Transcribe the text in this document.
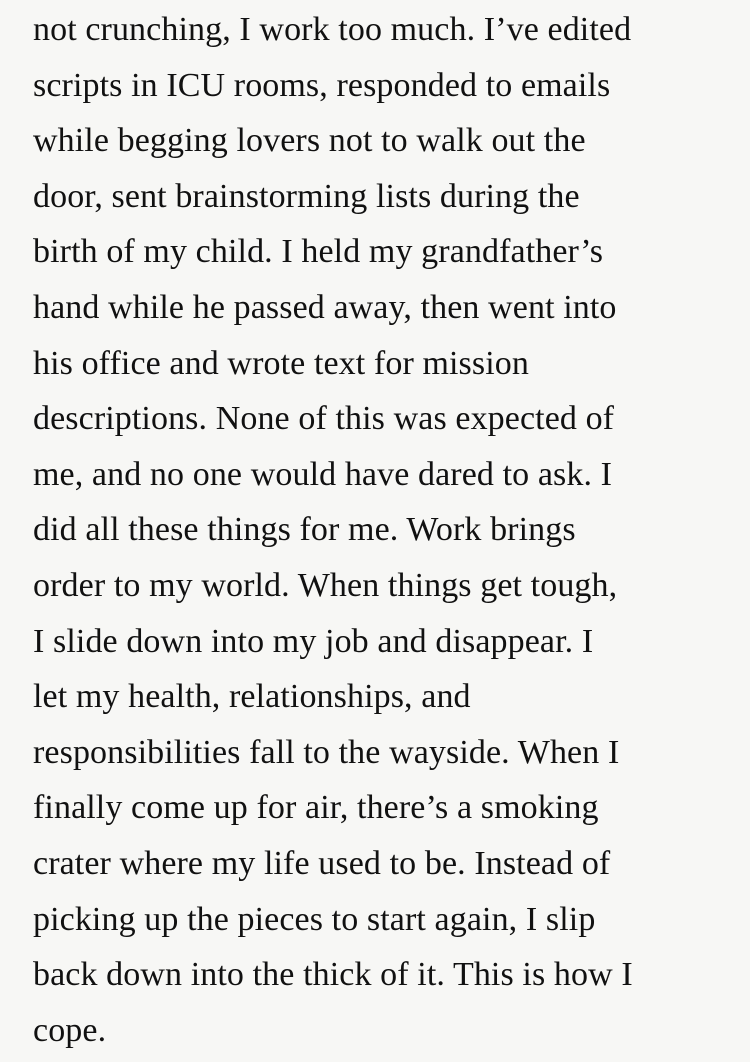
not crunching, I work too much. I’ve edited
scripts in ICU rooms, responded to emails
while begging lovers not to walk out the
door, sent brainstorming lists during the
birth of my child. I held my grandfather’s
hand while he passed away, then went into
his office and wrote text for mission
descriptions. None of this was expected of
me, and no one would have dared to ask. I
did all these things for me. Work brings
order to my world. When things get tough,
I slide down into my job and disappear. I
let my health, relationships, and
responsibilities fall to the wayside. When I
finally come up for air, there’s a smoking
crater where my life used to be. Instead of
picking up the pieces to start again, I slip
back down into the thick of it. This is how I
cope.
